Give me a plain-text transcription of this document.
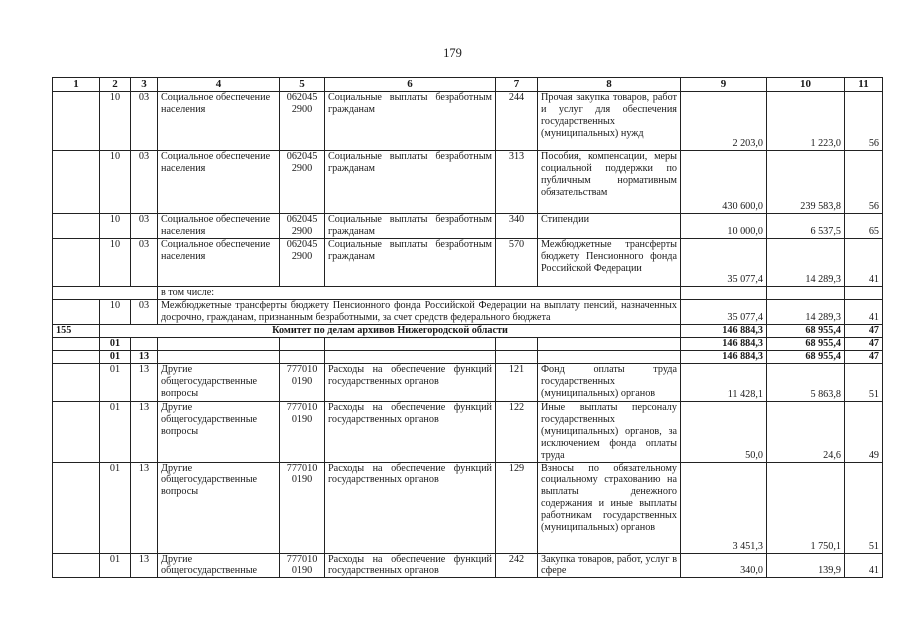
179
1	2	3	4	5	6	7	8	9	10	11
	10	03	Социальное обеспечение населения	062045 2900	Социальные выплаты безработным гражданам	244	Прочая закупка товаров, работ и услуг для обеспечения государственных (муниципальных) нужд	2 203,0	1 223,0	56
	10	03	Социальное обеспечение населения	062045 2900	Социальные выплаты безработным гражданам	313	Пособия, компенсации, меры социальной поддержки по публичным нормативным обязательствам	430 600,0	239 583,8	56
	10	03	Социальное обеспечение населения	062045 2900	Социальные выплаты безработным гражданам	340	Стипендии	10 000,0	6 537,5	65
	10	03	Социальное обеспечение населения	062045 2900	Социальные выплаты безработным гражданам	570	Межбюджетные трансферты бюджету Пенсионного фонда Российской Федерации	35 077,4	14 289,3	41
			в том числе:							
	10	03	Межбюджетные трансферты бюджету Пенсионного фонда Российской Федерации на выплату пенсий, назначенных досрочно, гражданам, признанным безработными, за счет средств федерального бюджета					35 077,4	14 289,3	41
155	Комитет по делам архивов Нижегородской области							146 884,3	68 955,4	47
	01							146 884,3	68 955,4	47
	01	13						146 884,3	68 955,4	47
	01	13	Другие общегосударственные вопросы	777010 0190	Расходы на обеспечение функций государственных органов	121	Фонд оплаты труда государственных (муниципальных) органов	11 428,1	5 863,8	51
	01	13	Другие общегосударственные вопросы	777010 0190	Расходы на обеспечение функций государственных органов	122	Иные выплаты персоналу государственных (муниципальных) органов, за исключением фонда оплаты труда	50,0	24,6	49
	01	13	Другие общегосударственные вопросы	777010 0190	Расходы на обеспечение функций государственных органов	129	Взносы по обязательному социальному страхованию на выплаты денежного содержания и иные выплаты работникам государственных (муниципальных) органов	3 451,3	1 750,1	51
	01	13	Другие общегосударственные	777010 0190	Расходы на обеспечение функций государственных органов	242	Закупка товаров, работ, услуг в сфере	340,0	139,9	41
